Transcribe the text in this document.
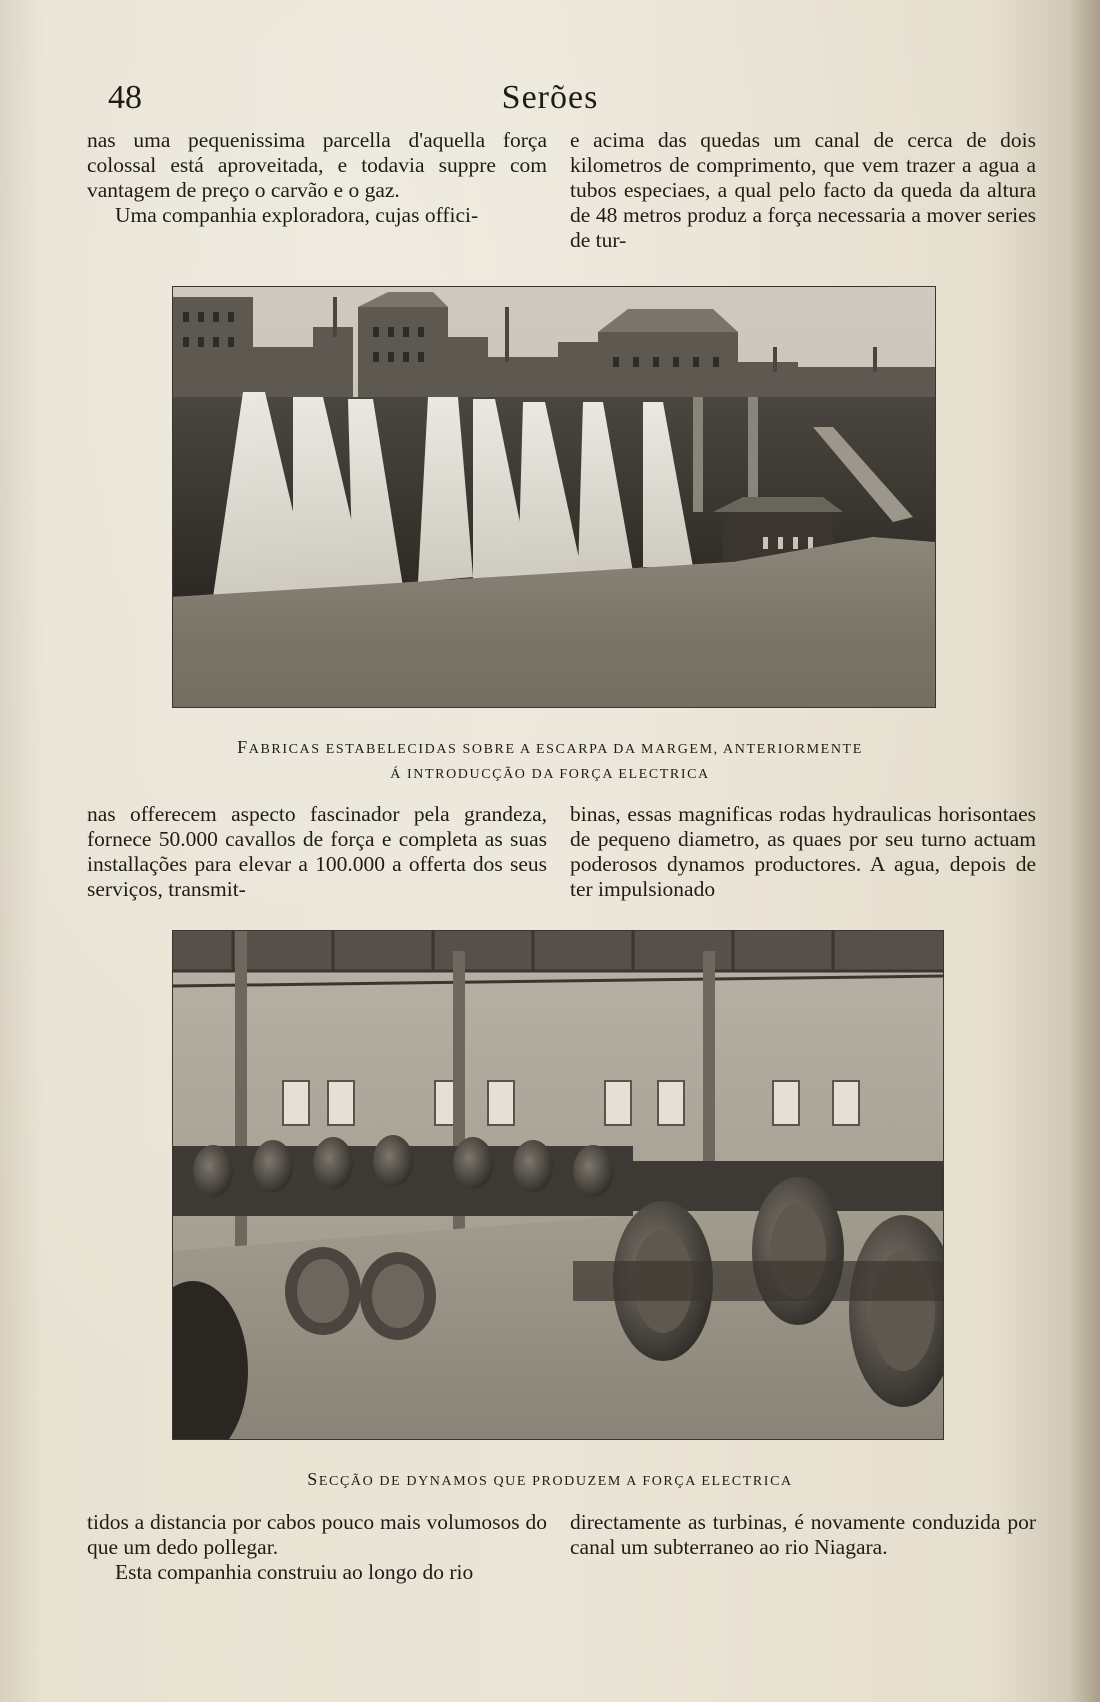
48	Serões

nas uma pequenissima parcella d'aquella força colossal está aproveitada, e todavia suppre com vantagem de preço o carvão e o gaz.

Uma companhia exploradora, cujas offici-

e acima das quedas um canal de cerca de dois kilometros de comprimento, que vem trazer a agua a tubos especiaes, a qual pelo facto da queda da altura de 48 metros produz a força necessaria a mover series de tur-

FABRICAS ESTABELECIDAS SOBRE A ESCARPA DA MARGEM, ANTERIORMENTE
Á INTRODUCÇÃO DA FORÇA ELECTRICA

nas offerecem aspecto fascinador pela grandeza, fornece 50.000 cavallos de força e completa as suas installações para elevar a 100.000 a offerta dos seus serviços, transmit-

binas, essas magnificas rodas hydraulicas horisontaes de pequeno diametro, as quaes por seu turno actuam poderosos dynamos productores. A agua, depois de ter impulsionado

SECÇÃO DE DYNAMOS QUE PRODUZEM A FORÇA ELECTRICA

tidos a distancia por cabos pouco mais volumosos do que um dedo pollegar.

Esta companhia construiu ao longo do rio

directamente as turbinas, é novamente conduzida por canal um subterraneo ao rio Niagara.
